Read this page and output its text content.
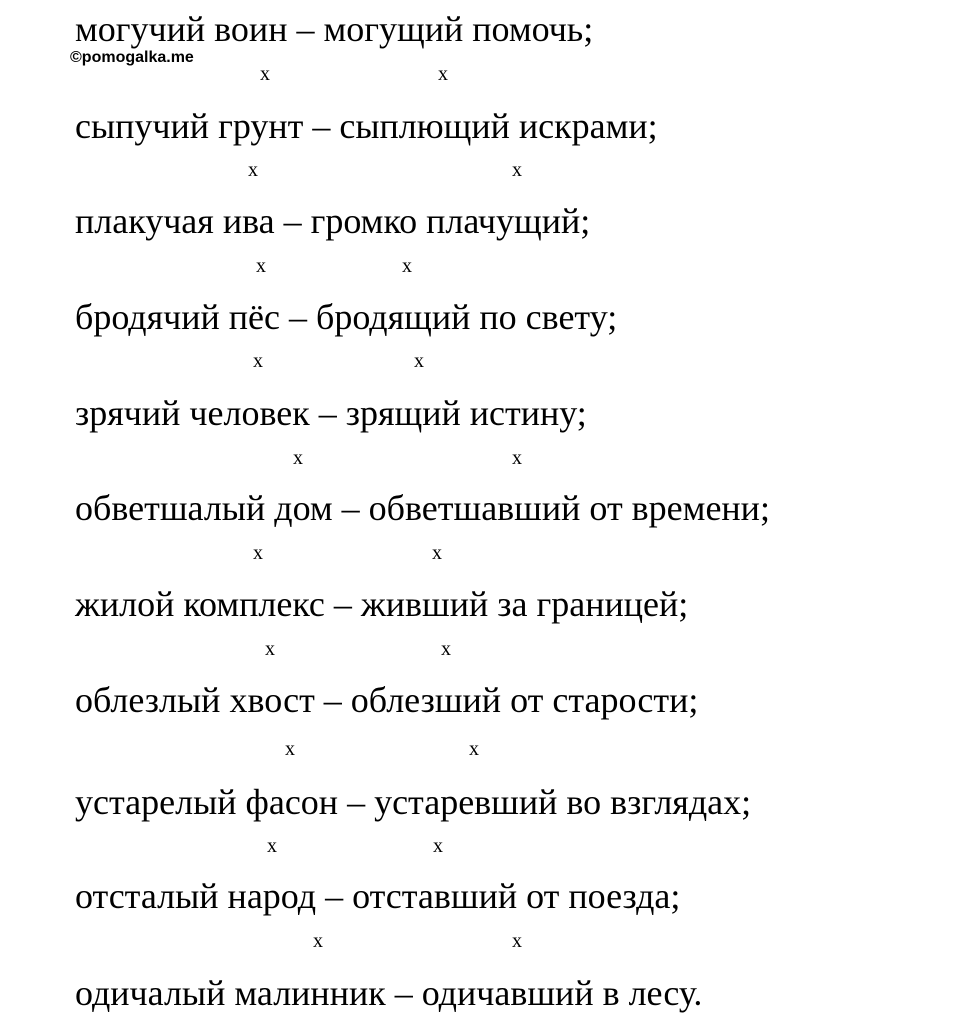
могучий воин – могущий помочь;
©pomogalka.me
x	x
сыпучий грунт – сыплющий искрами;
x	x
плакучая ива – громко плачущий;
x	x
бродячий пёс – бродящий по свету;
x	x
зрячий человек – зрящий истину;
x	x
обветшалый дом – обветшавший от времени;
x	x
жилой комплекс – живший за границей;
x	x
облезлый хвост – облезший от старости;
x	x
устарелый фасон – устаревший во взглядах;
x	x
отсталый народ – отставший от поезда;
x	x
одичалый малинник – одичавший в лесу.
